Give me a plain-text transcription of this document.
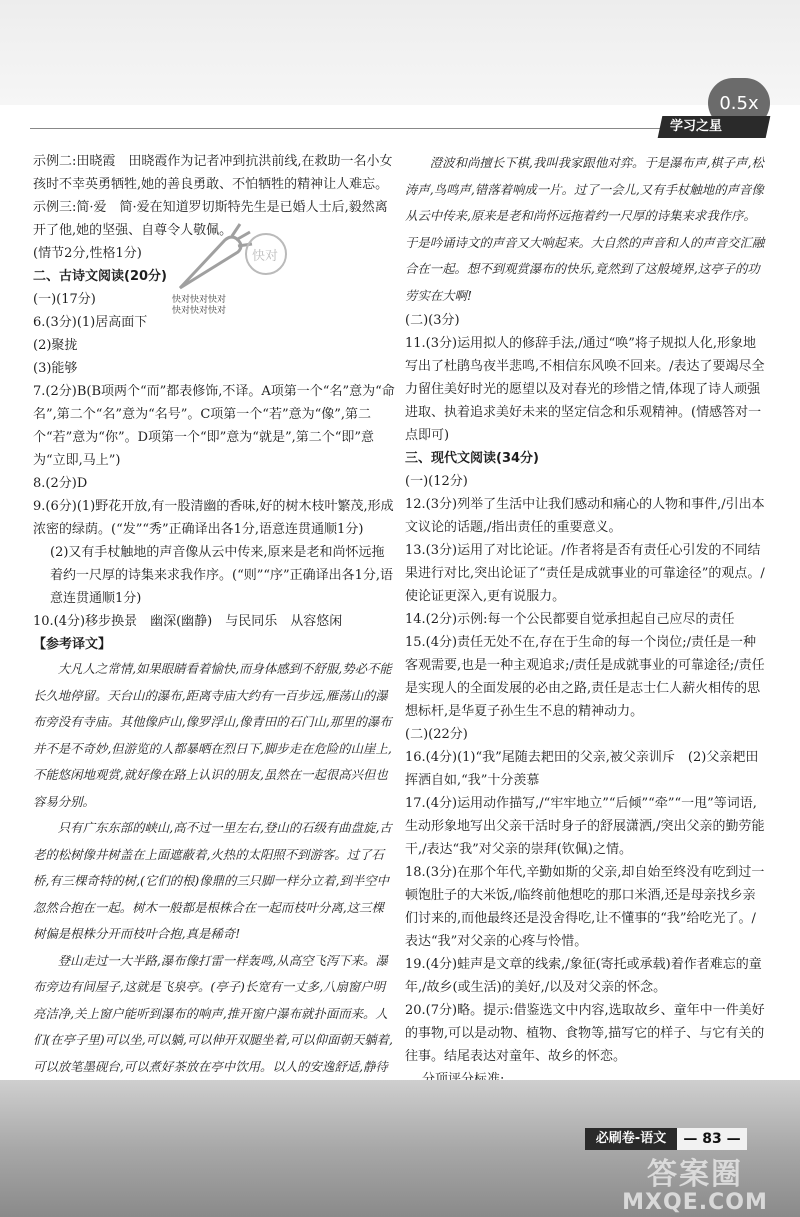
0.5x
学习之星

示例二:田晓霞　田晓霞作为记者冲到抗洪前线,在救助一名小女孩时不幸英勇牺牲,她的善良勇敢、不怕牺牲的精神让人难忘。

示例三:简·爱　简·爱在知道罗切斯特先生是已婚人士后,毅然离开了他,她的坚强、自尊令人敬佩。

(情节2分,性格1分)

二、古诗文阅读(20分)

(一)(17分)

6.(3分)(1)居高面下

(2)聚拢

(3)能够

7.(2分)B(B项两个“而”都表修饰,不译。A项第一个“名”意为“命名”,第二个“名”意为“名号”。C项第一个“若”意为“像”,第二个“若”意为“你”。D项第一个“即”意为“就是”,第二个“即”意为“立即,马上”)

8.(2分)D

9.(6分)(1)野花开放,有一股清幽的香味,好的树木枝叶繁茂,形成浓密的绿荫。(“发”“秀”正确译出各1分,语意连贯通顺1分)

(2)又有手杖触地的声音像从云中传来,原来是老和尚怀远拖着约一尺厚的诗集来求我作序。(“则”“序”正确译出各1分,语意连贯通顺1分)

10.(4分)移步换景　幽深(幽静)　与民同乐　从容悠闲

【参考译文】

大凡人之常情,如果眼睛看着愉快,而身体感到不舒服,势必不能长久地停留。天台山的瀑布,距离寺庙大约有一百步远,雁荡山的瀑布旁没有寺庙。其他像庐山,像罗浮山,像青田的石门山,那里的瀑布并不是不奇妙,但游览的人都暴晒在烈日下,脚步走在危险的山崖上,不能悠闲地观赏,就好像在路上认识的朋友,虽然在一起很高兴但也容易分别。

只有广东东部的峡山,高不过一里左右,登山的石级有曲盘旋,古老的松树像井树盖在上面遮蔽着,火热的太阳照不到游客。过了石桥,有三棵奇特的树,(它们的根)像鼎的三只脚一样分立着,到半空中忽然合抱在一起。树木一般都是根株合在一起而枝叶分离,这三棵树偏是根株分开而枝叶合抱,真是稀奇!

登山走过一大半路,瀑布像打雷一样轰鸣,从高空飞泻下来。瀑布旁边有间屋子,这就是飞泉亭。(亭子)长宽有一丈多,八扇窗户明亮洁净,关上窗户能听到瀑布的响声,推开窗户瀑布就扑面而来。人们(在亭子里)可以坐,可以躺,可以伸开双腿坐着,可以仰面朝天躺着,可以放笔墨砚台,可以煮好茶放在亭中饮用。以人的安逸舒适,静待

快对
快对快对快对
快对快对快对

澄波和尚擅长下棋,我叫我家跟他对弈。于是瀑布声,棋子声,松涛声,鸟鸣声,错落着响成一片。过了一会儿,又有手杖触地的声音像从云中传来,原来是老和尚怀远拖着约一尺厚的诗集来求我作序。于是吟诵诗文的声音又大响起来。大自然的声音和人的声音交汇融合在一起。想不到观赏瀑布的快乐,竟然到了这般境界,这亭子的功劳实在大啊!

(二)(3分)

11.(3分)运用拟人的修辞手法,/通过“唤”将子规拟人化,形象地写出了杜鹃鸟夜半悲鸣,不相信东风唤不回来。/表达了要竭尽全力留住美好时光的愿望以及对春光的珍惜之情,体现了诗人顽强进取、执着追求美好未来的坚定信念和乐观精神。(情感答对一点即可)

三、现代文阅读(34分)

(一)(12分)

12.(3分)列举了生活中让我们感动和痛心的人物和事件,/引出本文议论的话题,/指出责任的重要意义。

13.(3分)运用了对比论证。/作者将是否有责任心引发的不同结果进行对比,突出论证了“责任是成就事业的可靠途径”的观点。/使论证更深入,更有说服力。

14.(2分)示例:每一个公民都要自觉承担起自己应尽的责任

15.(4分)责任无处不在,存在于生命的每一个岗位;/责任是一种客观需要,也是一种主观追求;/责任是成就事业的可靠途径;/责任是实现人的全面发展的必由之路,责任是志士仁人薪火相传的思想标杆,是华夏子孙生生不息的精神动力。

(二)(22分)

16.(4分)(1)“我”尾随去耙田的父亲,被父亲训斥　(2)父亲耙田挥洒自如,“我”十分羡慕

17.(4分)运用动作描写,/“牢牢地立”“后倾”“牵”“一甩”等词语,生动形象地写出父亲干活时身子的舒展潇洒,/突出父亲的勤劳能干,/表达“我”对父亲的崇拜(钦佩)之情。

18.(3分)在那个年代,辛勤如斯的父亲,却自始至终没有吃到过一顿饱肚子的大米饭,/临终前他想吃的那口米酒,还是母亲找乡亲们讨来的,而他最终还是没舍得吃,让不懂事的“我”给吃光了。/表达“我”对父亲的心疼与怜惜。

19.(4分)蛙声是文章的线索,/象征(寄托或承载)着作者难忘的童年,/故乡(或生活)的美好,/以及对父亲的怀念。

20.(7分)略。提示:借鉴选文中内容,选取故乡、童年中一件美好的事物,可以是动物、植物、食物等,描写它的样子、与它有关的往事。结尾表达对童年、故乡的怀恋。

必刷卷-语文	— 83 —
答案圈
MXQE.COM
